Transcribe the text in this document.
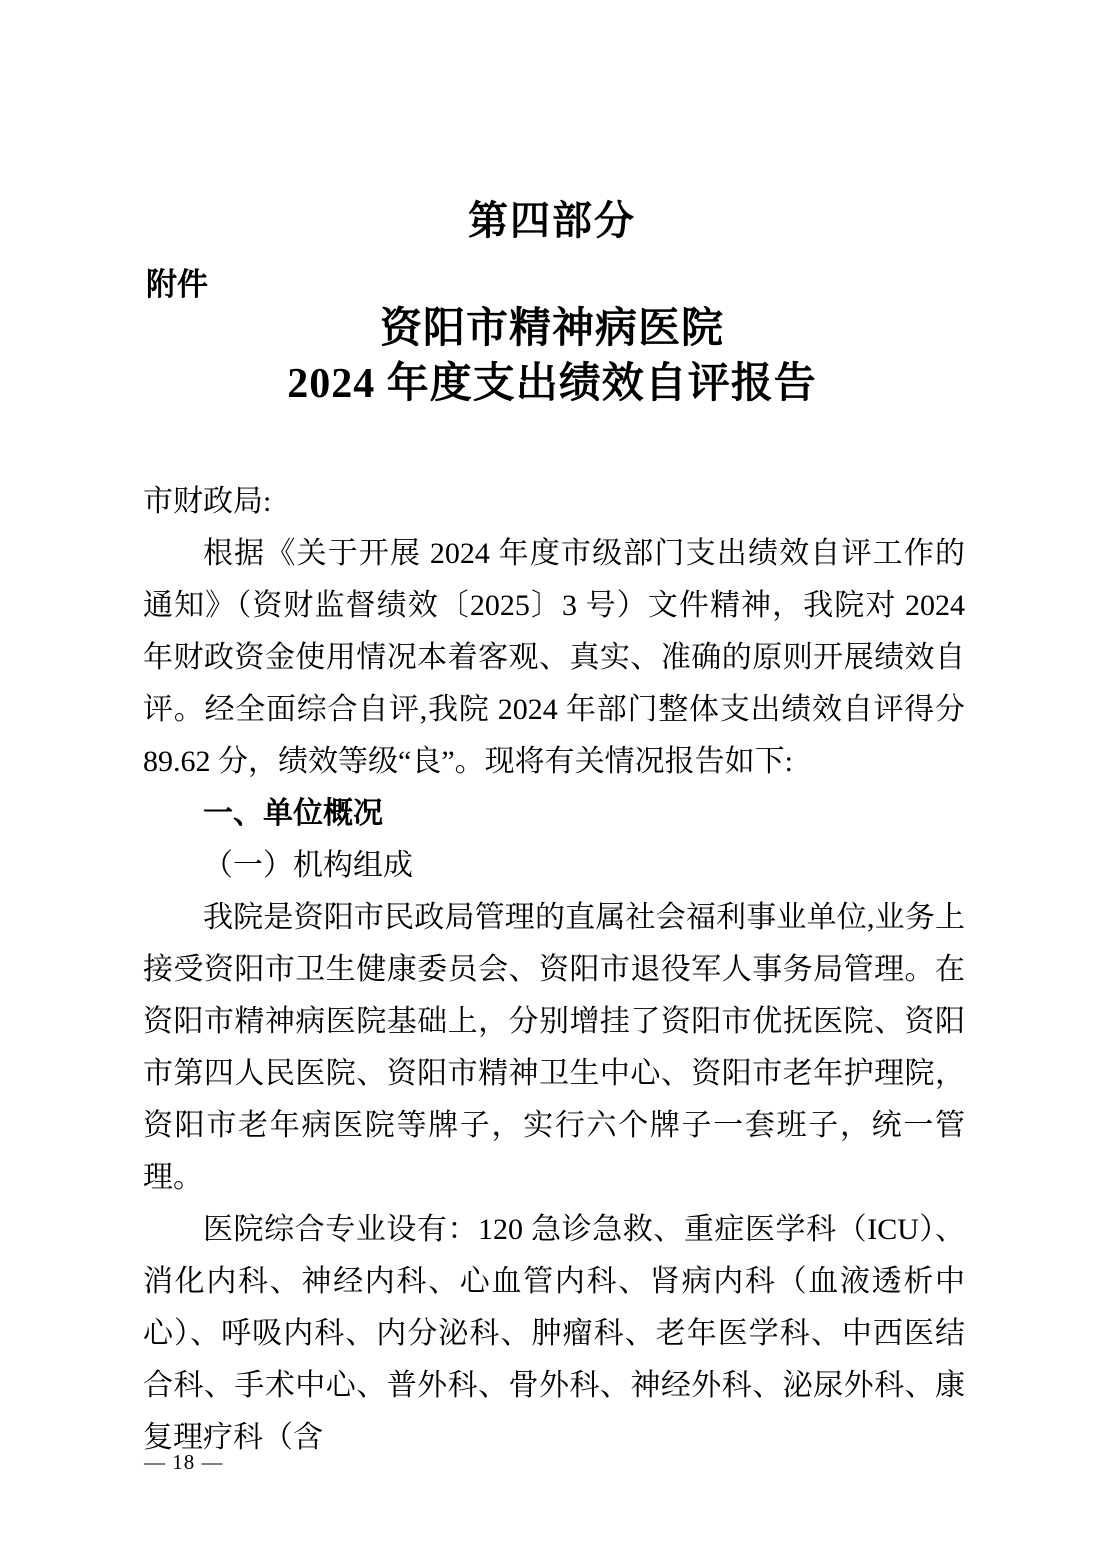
第四部分
附件
资阳市精神病医院
2024 年度支出绩效自评报告

市财政局:

根据《关于开展 2024 年度市级部门支出绩效自评工作的通知》（资财监督绩效〔2025〕3 号）文件精神，我院对 2024 年财政资金使用情况本着客观、真实、准确的原则开展绩效自评。经全面综合自评,我院 2024 年部门整体支出绩效自评得分 89.62 分，绩效等级“良”。现将有关情况报告如下:

一、单位概况

（一）机构组成

我院是资阳市民政局管理的直属社会福利事业单位,业务上接受资阳市卫生健康委员会、资阳市退役军人事务局管理。在资阳市精神病医院基础上，分别增挂了资阳市优抚医院、资阳市第四人民医院、资阳市精神卫生中心、资阳市老年护理院，资阳市老年病医院等牌子，实行六个牌子一套班子，统一管理。

医院综合专业设有：120 急诊急救、重症医学科（ICU）、消化内科、神经内科、心血管内科、肾病内科（血液透析中心）、呼吸内科、内分泌科、肿瘤科、老年医学科、中西医结合科、手术中心、普外科、骨外科、神经外科、泌尿外科、康复理疗科（含

— 18 —
